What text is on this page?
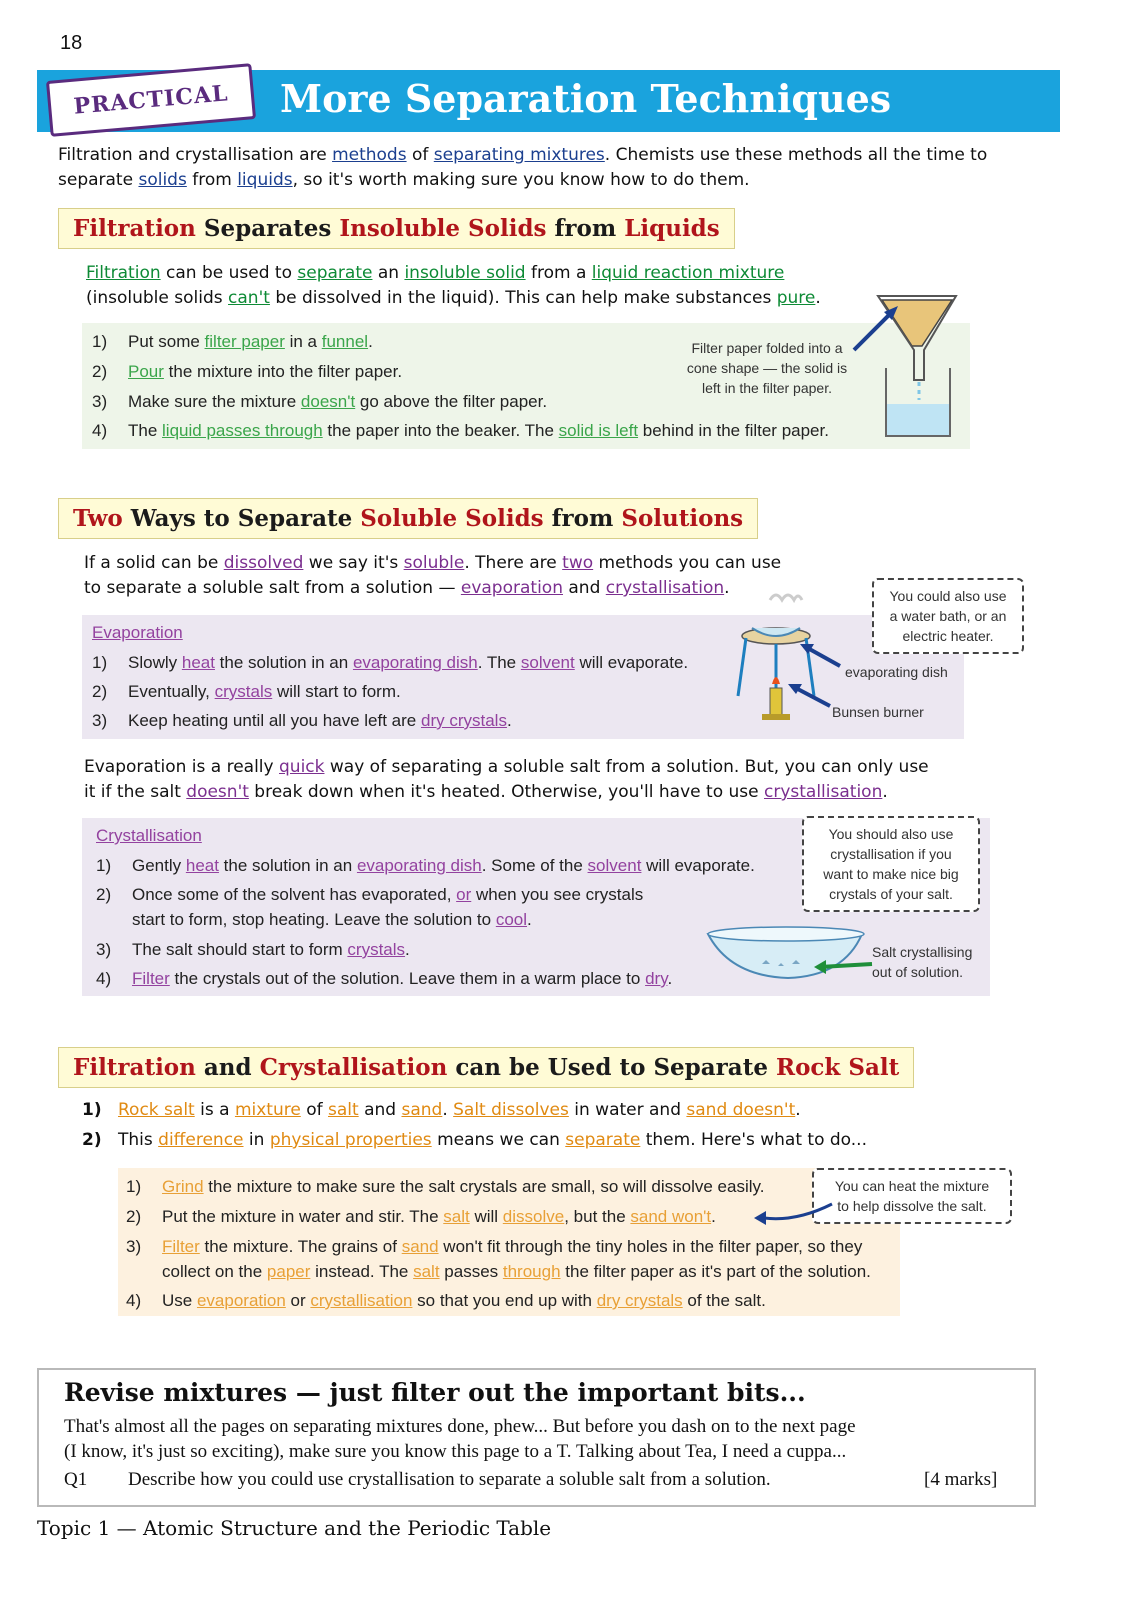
18
PRACTICAL	More Separation Techniques
Filtration and crystallisation are methods of separating mixtures. Chemists use these methods all the time to
separate solids from liquids, so it's worth making sure you know how to do them.
Filtration Separates Insoluble Solids from Liquids
Filtration can be used to separate an insoluble solid from a liquid reaction mixture
(insoluble solids can't be dissolved in the liquid). This can help make substances pure.
1) Put some filter paper in a funnel.
2) Pour the mixture into the filter paper.
3) Make sure the mixture doesn't go above the filter paper.
4) The liquid passes through the paper into the beaker. The solid is left behind in the filter paper.
Filter paper folded into a
cone shape — the solid is
left in the filter paper.
Two Ways to Separate Soluble Solids from Solutions
If a solid can be dissolved we say it's soluble. There are two methods you can use
to separate a soluble salt from a solution — evaporation and crystallisation.
Evaporation
1) Slowly heat the solution in an evaporating dish. The solvent will evaporate.
2) Eventually, crystals will start to form.
3) Keep heating until all you have left are dry crystals.
evaporating dish
Bunsen burner
You could also use
a water bath, or an
electric heater.
Evaporation is a really quick way of separating a soluble salt from a solution. But, you can only use
it if the salt doesn't break down when it's heated. Otherwise, you'll have to use crystallisation.
Crystallisation
1) Gently heat the solution in an evaporating dish. Some of the solvent will evaporate.
2) Once some of the solvent has evaporated, or when you see crystals
start to form, stop heating. Leave the solution to cool.
3) The salt should start to form crystals.
4) Filter the crystals out of the solution. Leave them in a warm place to dry.
You should also use
crystallisation if you
want to make nice big
crystals of your salt.
Salt crystallising
out of solution.
Filtration and Crystallisation can be Used to Separate Rock Salt
1) Rock salt is a mixture of salt and sand. Salt dissolves in water and sand doesn't.
2) This difference in physical properties means we can separate them. Here's what to do...
1) Grind the mixture to make sure the salt crystals are small, so will dissolve easily.
2) Put the mixture in water and stir. The salt will dissolve, but the sand won't.
3) Filter the mixture. The grains of sand won't fit through the tiny holes in the filter paper, so they
collect on the paper instead. The salt passes through the filter paper as it's part of the solution.
4) Use evaporation or crystallisation so that you end up with dry crystals of the salt.
You can heat the mixture
to help dissolve the salt.
Revise mixtures — just filter out the important bits...
That's almost all the pages on separating mixtures done, phew... But before you dash on to the next page
(I know, it's just so exciting), make sure you know this page to a T. Talking about Tea, I need a cuppa...
Q1 Describe how you could use crystallisation to separate a soluble salt from a solution.	[4 marks]
Topic 1 — Atomic Structure and the Periodic Table
